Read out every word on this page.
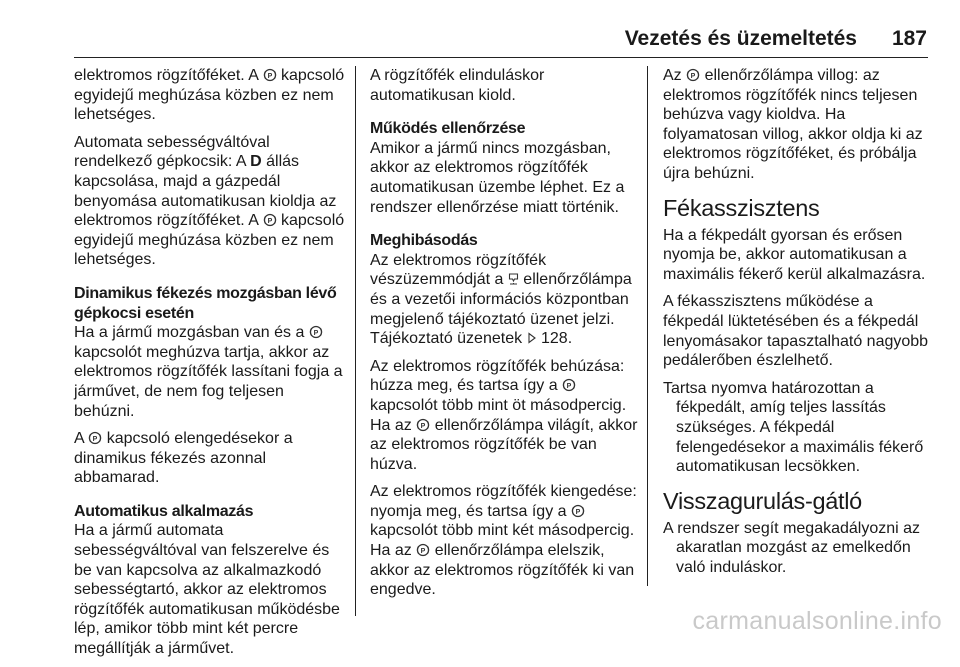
Vezetés és üzemeltetés 187

elektromos rögzítőféket. A P kapcsoló egyidejű meghúzása közben ez nem lehetséges.

Automata sebességváltóval rendelkező gépkocsik: A D állás kapcsolása, majd a gázpedál benyomása automatikusan kioldja az elektromos rögzítőféket. A P kapcsoló egyidejű meghúzása közben ez nem lehetséges.

Dinamikus fékezés mozgásban lévő gépkocsi esetén

Ha a jármű mozgásban van és a P
kapcsolót meghúzva tartja, akkor az elektromos rögzítőfék lassítani fogja a járművet, de nem fog teljesen behúzni.

A P kapcsoló elengedésekor a dinamikus fékezés azonnal abbamarad.

Automatikus alkalmazás

Ha a jármű automata sebességváltóval van felszerelve és be van kapcsolva az alkalmazkodó sebességtartó, akkor az elektromos rögzítőfék automatikusan működésbe lép, amikor több mint két percre megállítják a járművet.

A rögzítőfék elinduláskor automatikusan kiold.

Működés ellenőrzése

Amikor a jármű nincs mozgásban, akkor az elektromos rögzítőfék automatikusan üzembe léphet. Ez a rendszer ellenőrzése miatt történik.

Meghibásodás

Az elektromos rögzítőfék vészüzemmódját a ellenőrzőlámpa és a vezetői információs központban megjelenő tájékoztató üzenet jelzi. Tájékoztató üzenetek 128.

Az elektromos rögzítőfék behúzása: húzza meg, és tartsa így a P
kapcsolót több mint öt másodpercig. Ha az P ellenőrzőlámpa világít, akkor az elektromos rögzítőfék be van húzva.

Az elektromos rögzítőfék kiengedése: nyomja meg, és tartsa így a P
kapcsolót több mint két másodpercig. Ha az P ellenőrzőlámpa elelszik, akkor az elektromos rögzítőfék ki van engedve.

Az P ellenőrzőlámpa villog: az elektromos rögzítőfék nincs teljesen behúzva vagy kioldva. Ha folyamatosan villog, akkor oldja ki az elektromos rögzítőféket, és próbálja újra behúzni.

Fékasszisztens

Ha a fékpedált gyorsan és erősen nyomja be, akkor automatikusan a maximális fékerő kerül alkalmazásra.

A fékasszisztens működése a fékpedál lüktetésében és a fékpedál lenyomásakor tapasztalható nagyobb pedálerőben észlelhető.

Tartsa nyomva határozottan a fékpedált, amíg teljes lassítás szükséges. A fékpedál felengedésekor a maximális fékerő automatikusan lecsökken.

Visszagurulás-gátló

A rendszer segít megakadályozni az akaratlan mozgást az emelkedőn való induláskor.

carmanualsonline.info
